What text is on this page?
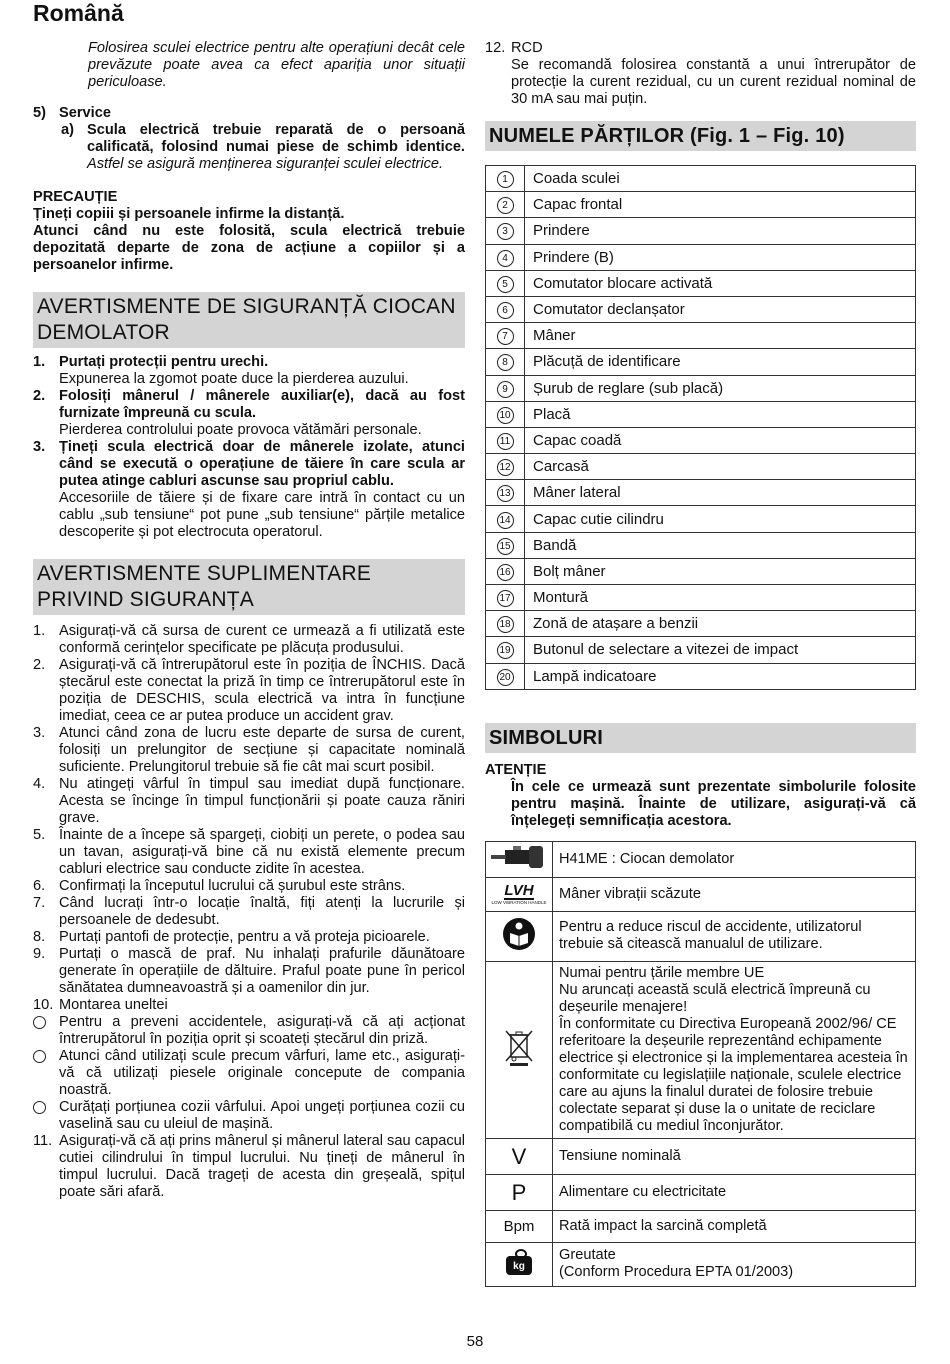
Română

Folosirea sculei electrice pentru alte operațiuni decât cele prevăzute poate avea ca efect apariția unor situații periculoase.

5) Service
a) Scula electrică trebuie reparată de o persoană calificată, folosind numai piese de schimb identice. Astfel se asigură menținerea siguranței sculei electrice.

PRECAUȚIE

Țineți copiii și persoanele infirme la distanță.

Atunci când nu este folosită, scula electrică trebuie depozitată departe de zona de acțiune a copiilor și a persoanelor infirme.

AVERTISMENTE DE SIGURANȚĂ CIOCAN DEMOLATOR
1. Purtați protecții pentru urechi.
Expunerea la zgomot poate duce la pierderea auzului.
2. Folosiți mânerul / mânerele auxiliar(e), dacă au fost furnizate împreună cu scula.
Pierderea controlului poate provoca vătămări personale.
3. Țineți scula electrică doar de mânerele izolate, atunci când se execută o operațiune de tăiere în care scula ar putea atinge cabluri ascunse sau propriul cablu.
Accesoriile de tăiere și de fixare care intră în contact cu un cablu „sub tensiune“ pot pune „sub tensiune“ părțile metalice descoperite și pot electrocuta operatorul.
AVERTISMENTE SUPLIMENTARE PRIVIND SIGURANȚA
1. Asigurați-vă că sursa de curent ce urmează a fi utilizată este conformă cerințelor specificate pe plăcuța produsului.
2. Asigurați-vă că întrerupătorul este în poziția de ÎNCHIS. Dacă ștecărul este conectat la priză în timp ce întrerupătorul este în poziția de DESCHIS, scula electrică va intra în funcțiune imediat, ceea ce ar putea produce un accident grav.
3. Atunci când zona de lucru este departe de sursa de curent, folosiți un prelungitor de secțiune și capacitate nominală suficiente. Prelungitorul trebuie să fie cât mai scurt posibil.
4. Nu atingeți vârful în timpul sau imediat după funcționare. Acesta se încinge în timpul funcționării și poate cauza răniri grave.
5. Înainte de a începe să spargeți, ciobiți un perete, o podea sau un tavan, asigurați-vă bine că nu există elemente precum cabluri electrice sau conducte zidite în acestea.
6. Confirmați la începutul lucrului că șurubul este strâns.
7. Când lucrați într-o locație înaltă, fiți atenți la lucrurile și persoanele de dedesubt.
8. Purtați pantofi de protecție, pentru a vă proteja picioarele.
9. Purtați o mască de praf. Nu inhalați prafurile dăunătoare generate în operațiile de dăltuire. Praful poate pune în pericol sănătatea dumneavoastră și a oamenilor din jur.
10. Montarea uneltei
Pentru a preveni accidentele, asigurați-vă că ați acționat întrerupătorul în poziția oprit și scoateți ștecărul din priză.
Atunci când utilizați scule precum vârfuri, lame etc., asigurați-vă că utilizați piesele originale concepute de compania noastră.
Curățați porțiunea cozii vârfului. Apoi ungeți porțiunea cozii cu vaselină sau cu uleiul de mașină.
11. Asigurați-vă că ați prins mânerul și mânerul lateral sau capacul cutiei cilindrului în timpul lucrului. Nu țineți de mânerul în timpul lucrului. Dacă trageți de acesta din greșeală, spițul poate sări afară.
12. RCD

Se recomandă folosirea constantă a unui întrerupător de protecție la curent rezidual, cu un curent rezidual nominal de 30 mA sau mai puțin.

NUMELE PĂRȚILOR (Fig. 1 – Fig. 10)
1	Coada sculei
2	Capac frontal
3	Prindere
4	Prindere (B)
5	Comutator blocare activată
6	Comutator declanșator
7	Mâner
8	Plăcuță de identificare
9	Șurub de reglare (sub placă)
10	Placă
11	Capac coadă
12	Carcasă
13	Mâner lateral
14	Capac cutie cilindru
15	Bandă
16	Bolț mâner
17	Montură
18	Zonă de atașare a benzii
19	Butonul de selectare a vitezei de impact
20	Lampă indicatoare
SIMBOLURI

ATENȚIE

În cele ce urmează sunt prezentate simbolurile folosite pentru mașină. Înainte de utilizare, asigurați-vă că înțelegeți semnificația acestora.

	H41ME : Ciocan demolator
LVH
LOW VIBRATION HANDLE	Mâner vibrații scăzute
	Pentru a reduce riscul de accidente, utilizatorul trebuie să citească manualul de utilizare.

Numai pentru țările membre UE
Nu aruncați această sculă electrică împreună cu deșeurile menajere!
În conformitate cu Directiva Europeană 2002/96/ CE referitoare la deșeurile reprezentând echipamente electrice și electronice și la implementarea acesteia în conformitate cu legislațiile naționale, sculele electrice care au ajuns la finalul duratei de folosire trebuie colectate separat și duse la o unitate de reciclare compatibilă cu mediul înconjurător.

V	Tensiune nominală
P	Alimentare cu electricitate
Bpm	Rată impact la sarcină completă

kg	Greutate
(Conform Procedura EPTA 01/2003)
58
